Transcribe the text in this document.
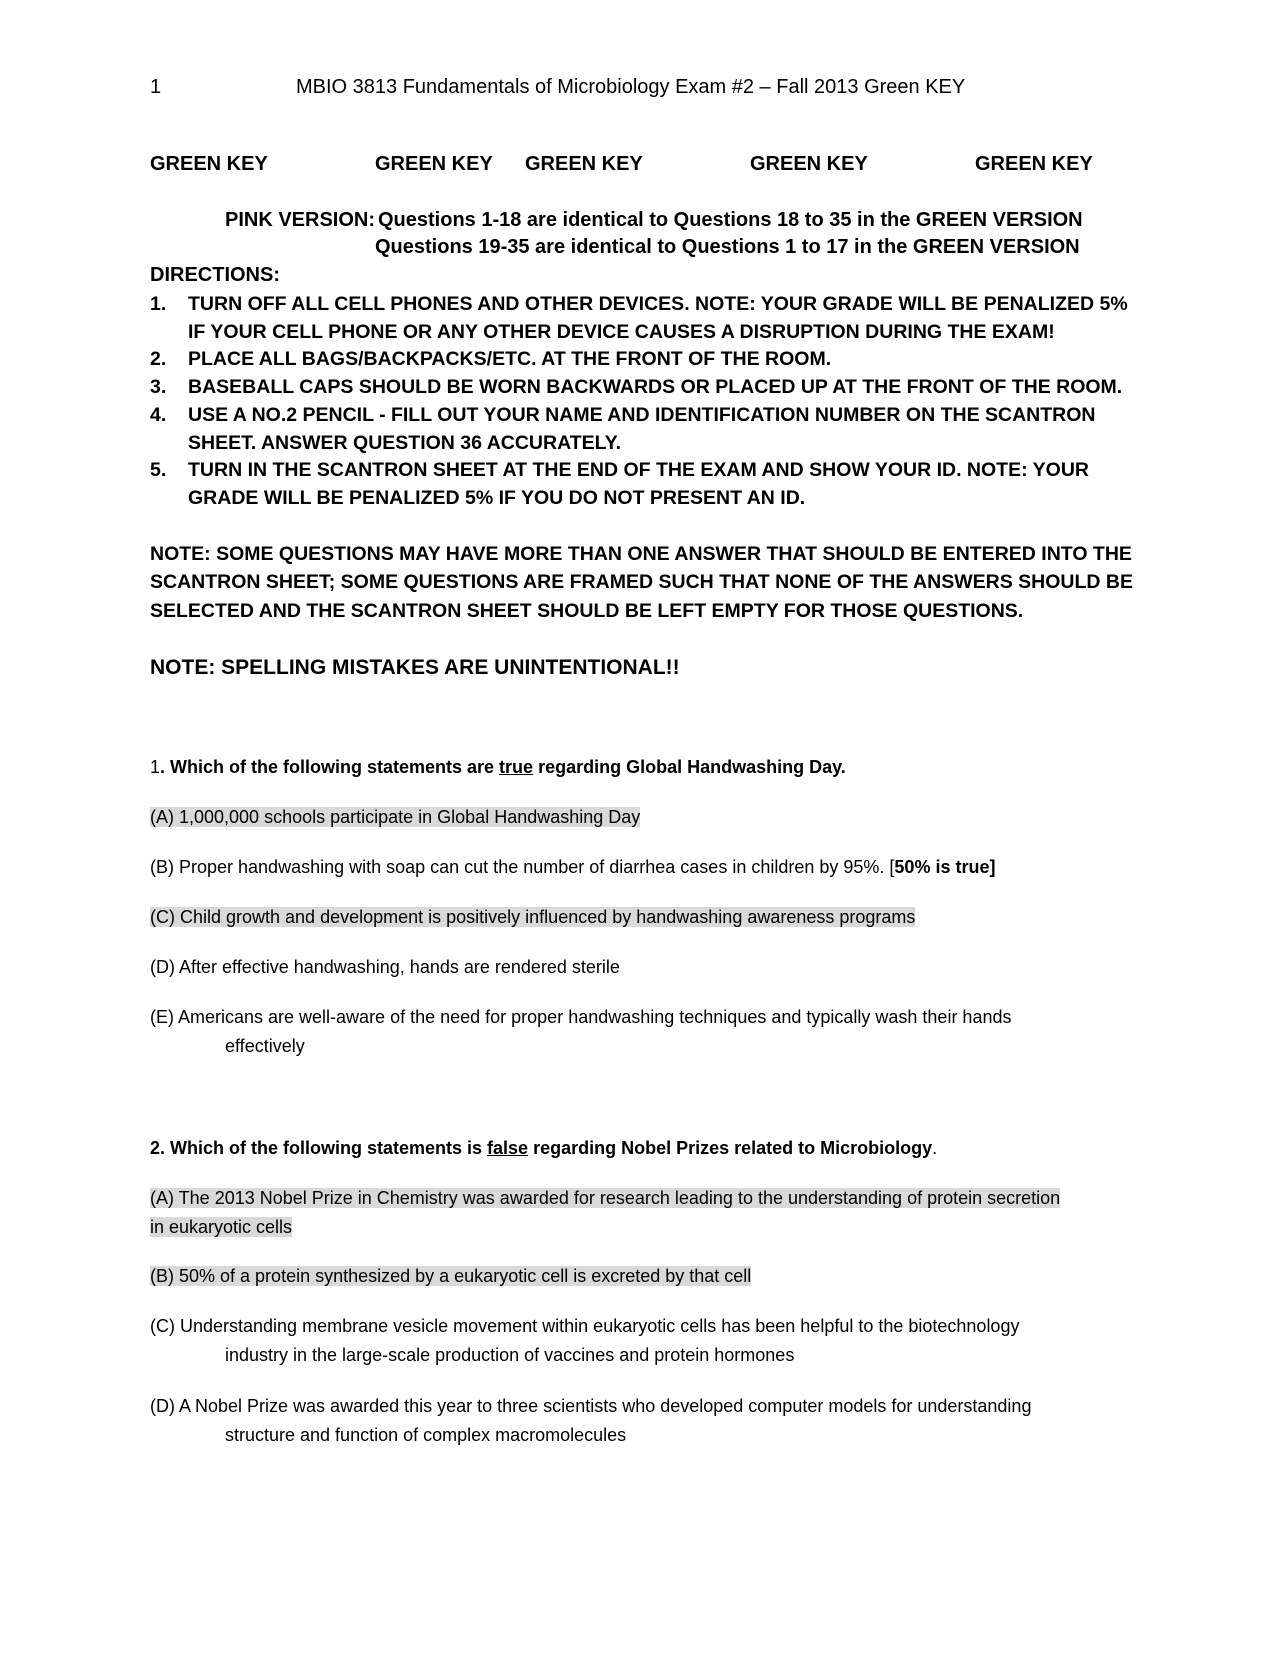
1	MBIO 3813 Fundamentals of Microbiology Exam #2 – Fall 2013 Green KEY
GREEN KEY	GREEN KEY GREEN KEY	GREEN KEY	GREEN KEY
PINK VERSION: Questions 1-18 are identical to Questions 18 to 35 in the GREEN VERSION
Questions 19-35 are identical to Questions 1 to 17 in the GREEN VERSION
DIRECTIONS:
1. TURN OFF ALL CELL PHONES AND OTHER DEVICES. NOTE: YOUR GRADE WILL BE PENALIZED 5% IF YOUR CELL PHONE OR ANY OTHER DEVICE CAUSES A DISRUPTION DURING THE EXAM!
2. PLACE ALL BAGS/BACKPACKS/ETC. AT THE FRONT OF THE ROOM.
3. BASEBALL CAPS SHOULD BE WORN BACKWARDS OR PLACED UP AT THE FRONT OF THE ROOM.
4. USE A NO.2 PENCIL - FILL OUT YOUR NAME AND IDENTIFICATION NUMBER ON THE SCANTRON SHEET. ANSWER QUESTION 36 ACCURATELY.
5. TURN IN THE SCANTRON SHEET AT THE END OF THE EXAM AND SHOW YOUR ID. NOTE: YOUR GRADE WILL BE PENALIZED 5% IF YOU DO NOT PRESENT AN ID.
NOTE: SOME QUESTIONS MAY HAVE MORE THAN ONE ANSWER THAT SHOULD BE ENTERED INTO THE SCANTRON SHEET; SOME QUESTIONS ARE FRAMED SUCH THAT NONE OF THE ANSWERS SHOULD BE SELECTED AND THE SCANTRON SHEET SHOULD BE LEFT EMPTY FOR THOSE QUESTIONS.
NOTE: SPELLING MISTAKES ARE UNINTENTIONAL!!
1. Which of the following statements are true regarding Global Handwashing Day.
(A) 1,000,000 schools participate in Global Handwashing Day
(B) Proper handwashing with soap can cut the number of diarrhea cases in children by 95%. [50% is true]
(C) Child growth and development is positively influenced by handwashing awareness programs
(D) After effective handwashing, hands are rendered sterile
(E) Americans are well-aware of the need for proper handwashing techniques and typically wash their hands
effectively
2. Which of the following statements is false regarding Nobel Prizes related to Microbiology.
(A) The 2013 Nobel Prize in Chemistry was awarded for research leading to the understanding of protein secretion
in eukaryotic cells
(B) 50% of a protein synthesized by a eukaryotic cell is excreted by that cell
(C) Understanding membrane vesicle movement within eukaryotic cells has been helpful to the biotechnology
industry in the large-scale production of vaccines and protein hormones
(D) A Nobel Prize was awarded this year to three scientists who developed computer models for understanding
structure and function of complex macromolecules
